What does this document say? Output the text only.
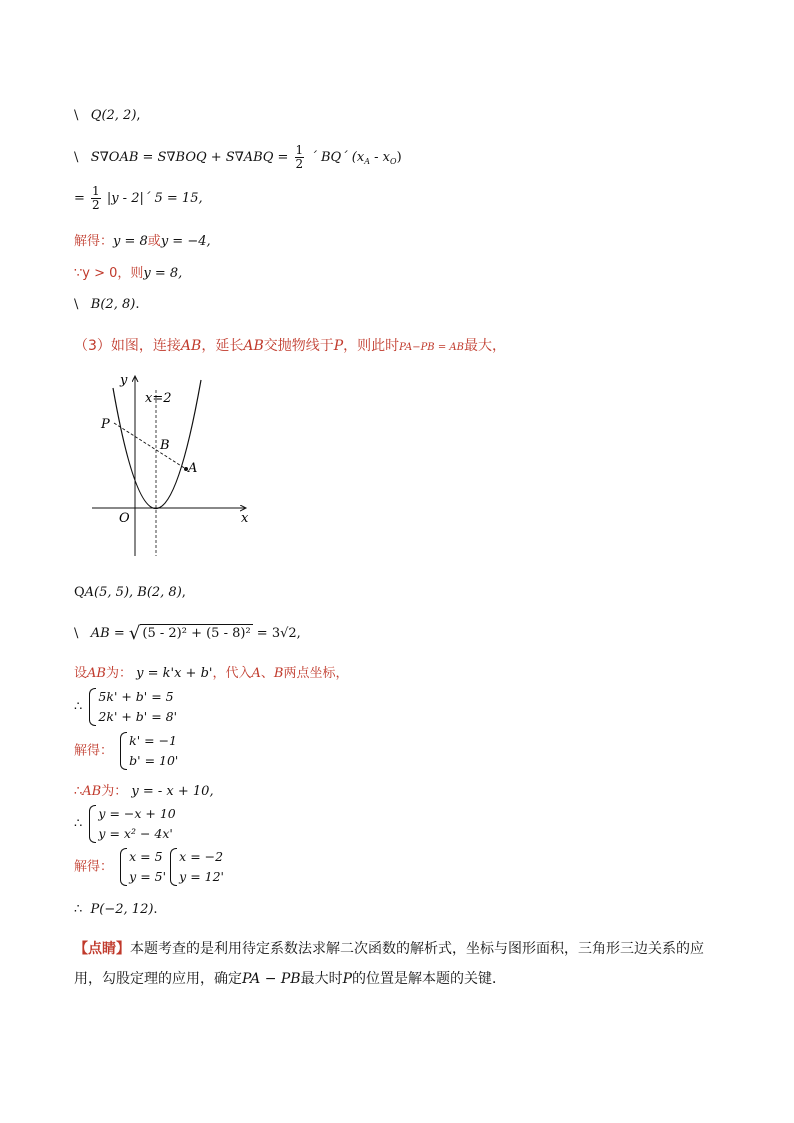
\ Q(2, 2),
\ $S\nabla OAB = S\nabla BOQ + S\nabla ABQ = \frac{1}{2}$ ´ BQ´ $(x_A - x_O)$
= $\frac{1}{2} |y$ - 2|´ 5 = 15,
解得：y = 8或y = −4,
∵y > 0，则y = 8,
\ B(2, 8).
（3）如图，连接AB，延长AB交抛物线于P，则此时PA−PB = AB最大，
y
x
O
x=2
P
B
A
QA(5, 5), B(2, 8),
\ AB = √ (5 - 2)² + (5 - 8)² = 3√2,
设AB为： y = k'x + b'，代入A、B两点坐标，
∴
5k' + b' = 5
2k' + b' = 8'
解得：
k' = −1
b' = 10'
∴AB为： y = - x + 10,
∴
y = −x + 10
y = x² − 4x'
解得：
x = 5
y = 5'

x = −2
y = 12'
∴ P(−2, 12).
【点睛】本题考查的是利用待定系数法求解二次函数的解析式，坐标与图形面积，三角形三边关系的应用，勾股定理的应用，确定PA − PB最大时P的位置是解本题的关键．
